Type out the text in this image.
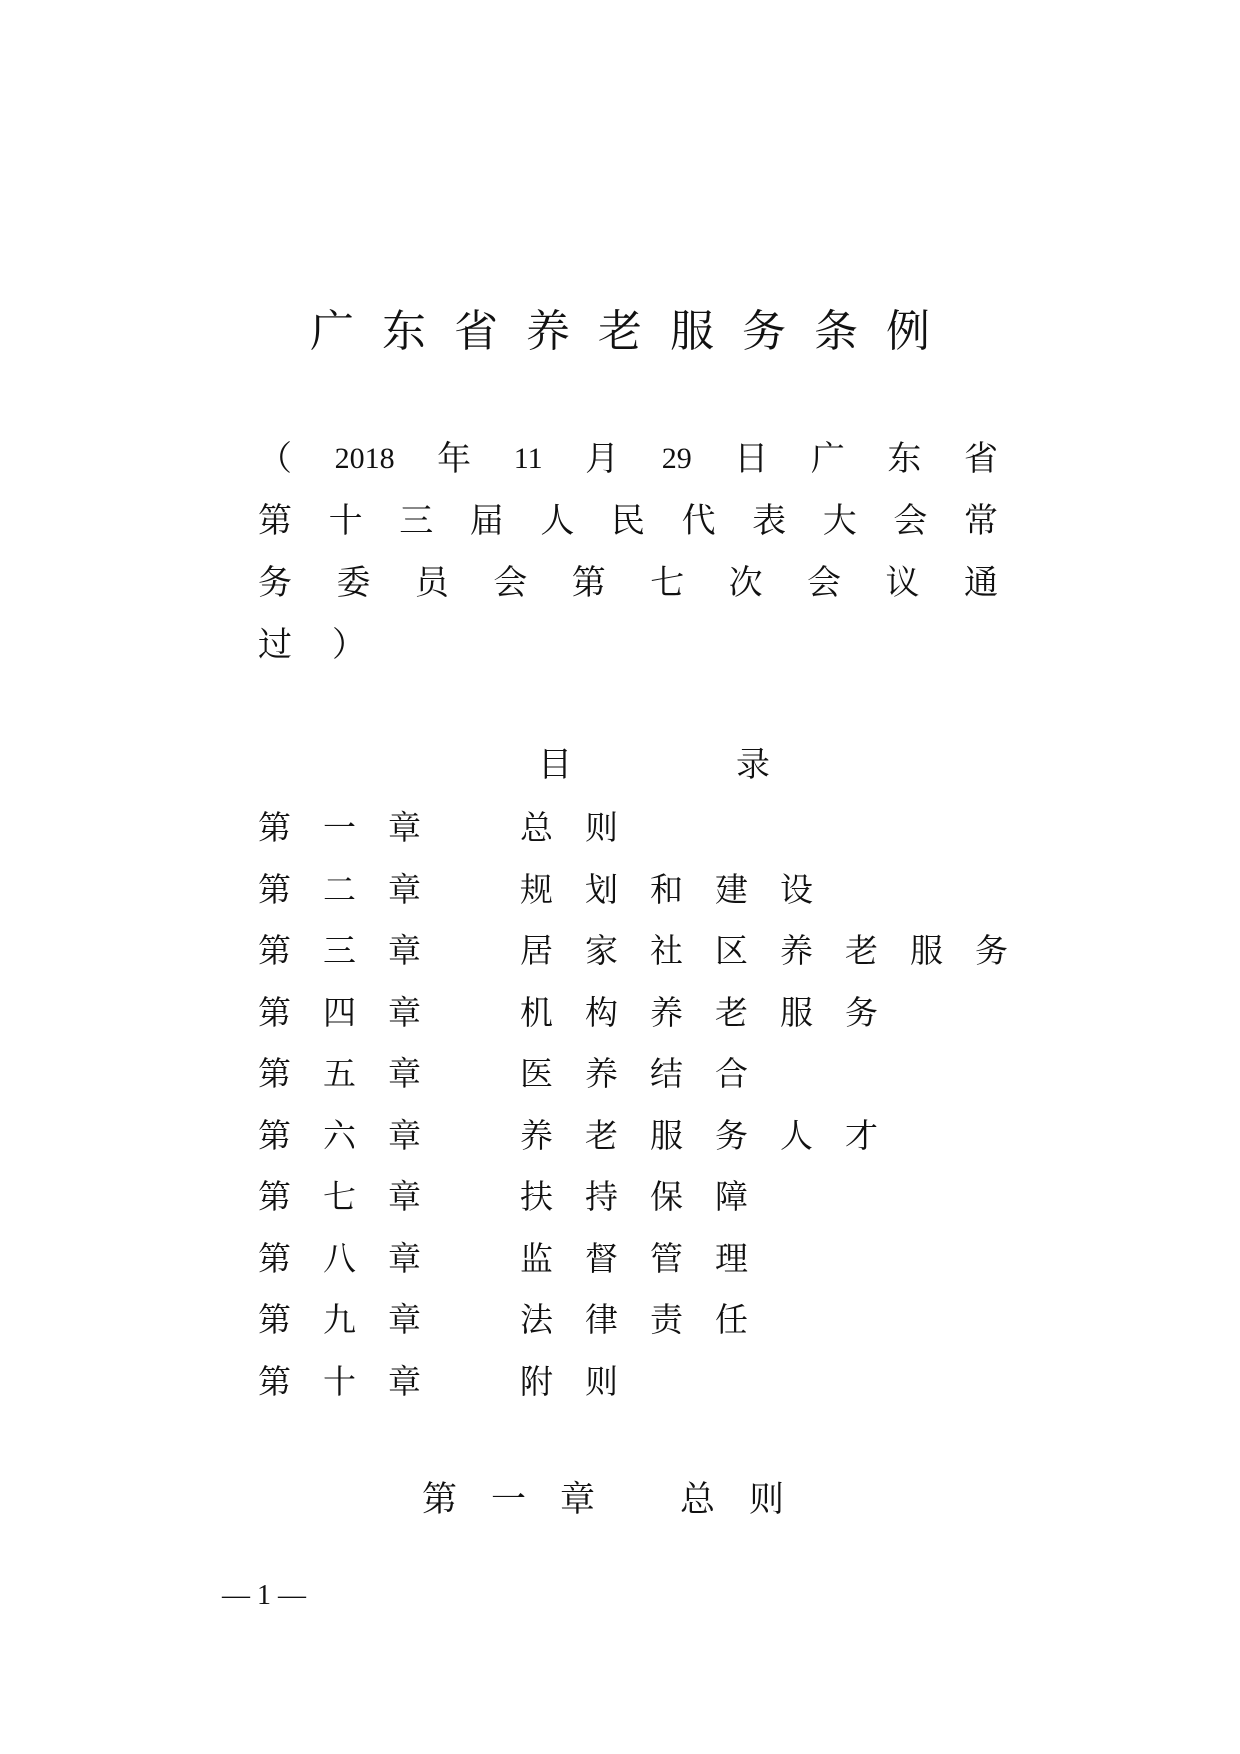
广东省养老服务条例
（ 2018 年 11 月 29 日 广 东 省
第 十 三 届 人 民 代 表 大 会 常
务 委 员 会 第 七 次 会 议 通
过 ）
目	录
第一章	总则
第二章	规划和建设
第三章	居家社区养老服务
第四章	机构养老服务
第五章	医养结合
第六章	养老服务人才
第七章	扶持保障
第八章	监督管理
第九章	法律责任
第十章	附则
第一章 总则
— 1 —
